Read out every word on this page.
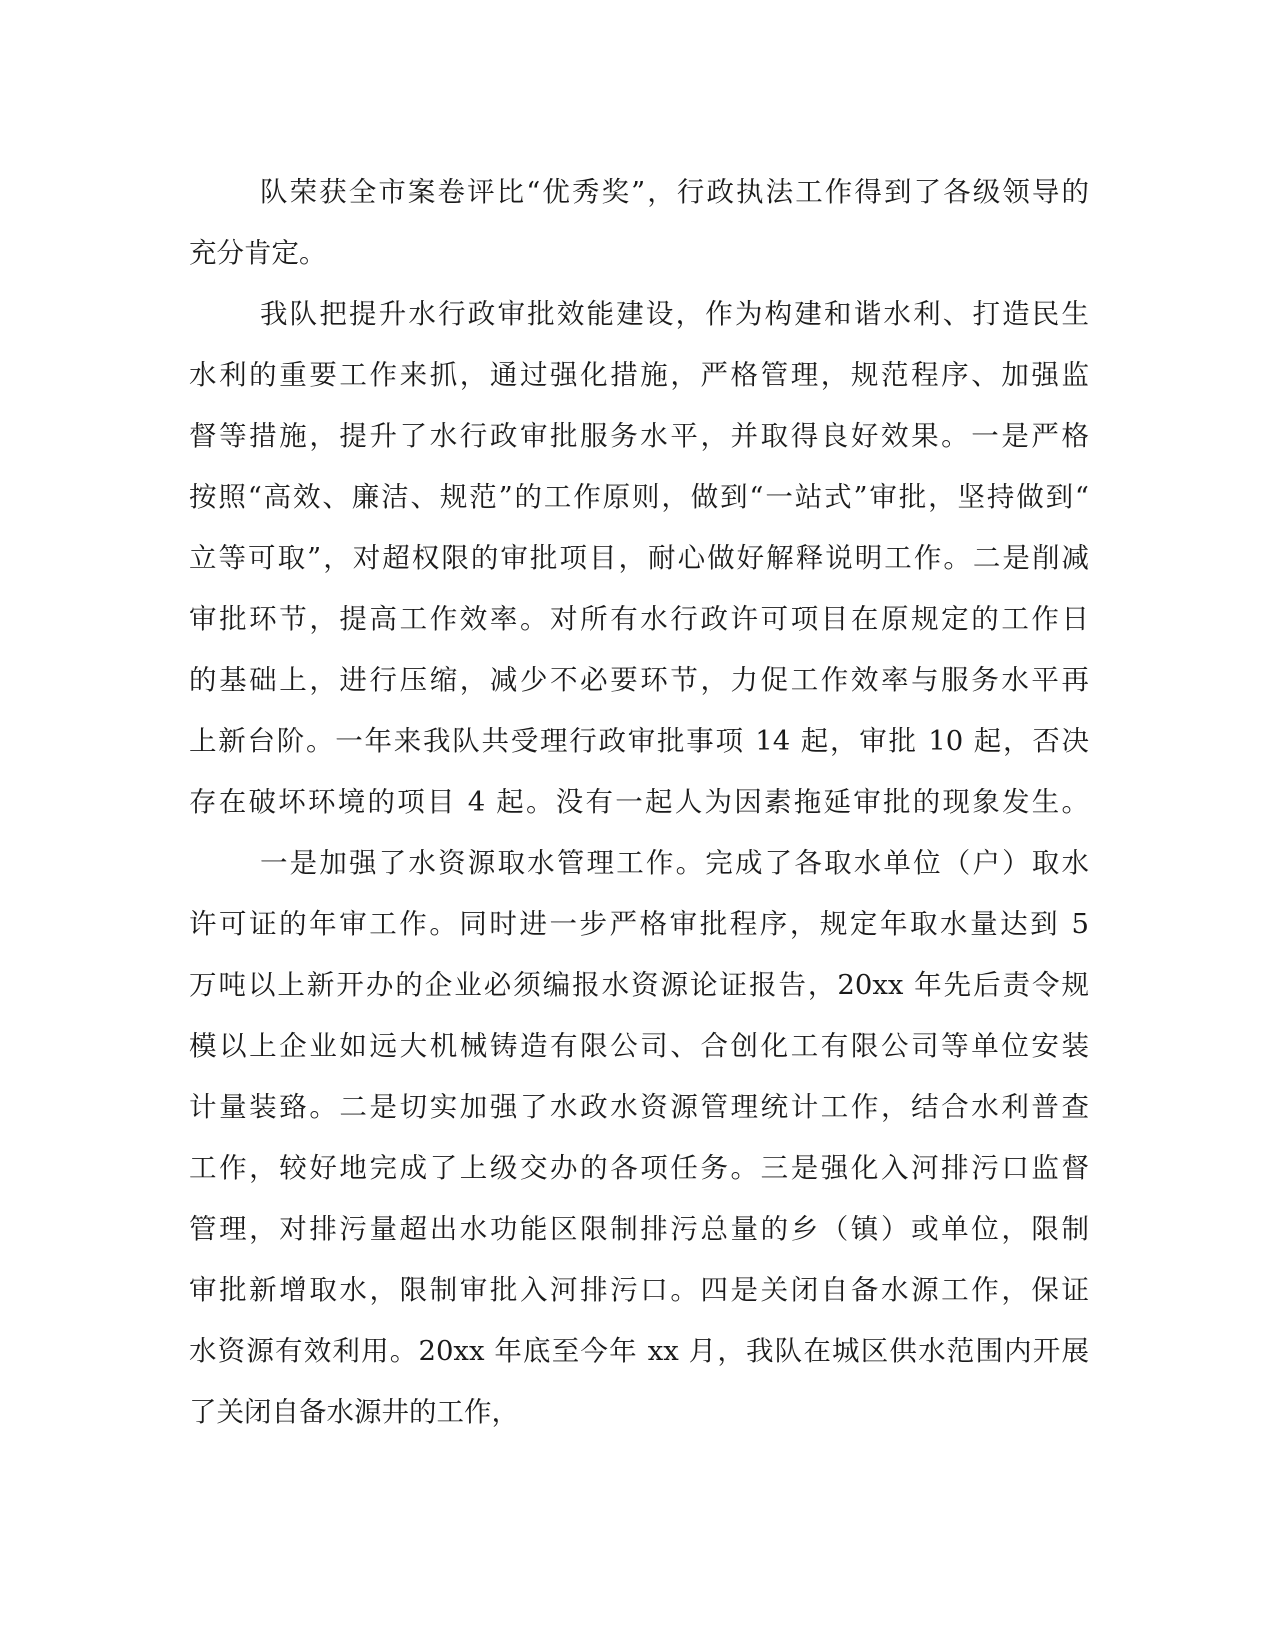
队荣获全市案卷评比“优秀奖”，行政执法工作得到了各级领导的
充分肯定。
我队把提升水行政审批效能建设，作为构建和谐水利、打造民生
水利的重要工作来抓，通过强化措施，严格管理，规范程序、加强监
督等措施，提升了水行政审批服务水平，并取得良好效果。一是严格
按照“高效、廉洁、规范”的工作原则，做到“一站式”审批，坚持做到“
立等可取”，对超权限的审批项目，耐心做好解释说明工作。二是削减
审批环节，提高工作效率。对所有水行政许可项目在原规定的工作日
的基础上，进行压缩，减少不必要环节，力促工作效率与服务水平再
上新台阶。一年来我队共受理行政审批事项 14 起，审批 10 起，否决
存在破坏环境的项目 4 起。没有一起人为因素拖延审批的现象发生。
一是加强了水资源取水管理工作。完成了各取水单位（户）取水
许可证的年审工作。同时进一步严格审批程序，规定年取水量达到 5
万吨以上新开办的企业必须编报水资源论证报告，20xx 年先后责令规
模以上企业如远大机械铸造有限公司、合创化工有限公司等单位安装
计量装臵。二是切实加强了水政水资源管理统计工作，结合水利普查
工作，较好地完成了上级交办的各项任务。三是强化入河排污口监督
管理，对排污量超出水功能区限制排污总量的乡（镇）或单位，限制
审批新增取水，限制审批入河排污口。四是关闭自备水源工作，保证
水资源有效利用。20xx 年底至今年 xx 月，我队在城区供水范围内开展
了关闭自备水源井的工作，
